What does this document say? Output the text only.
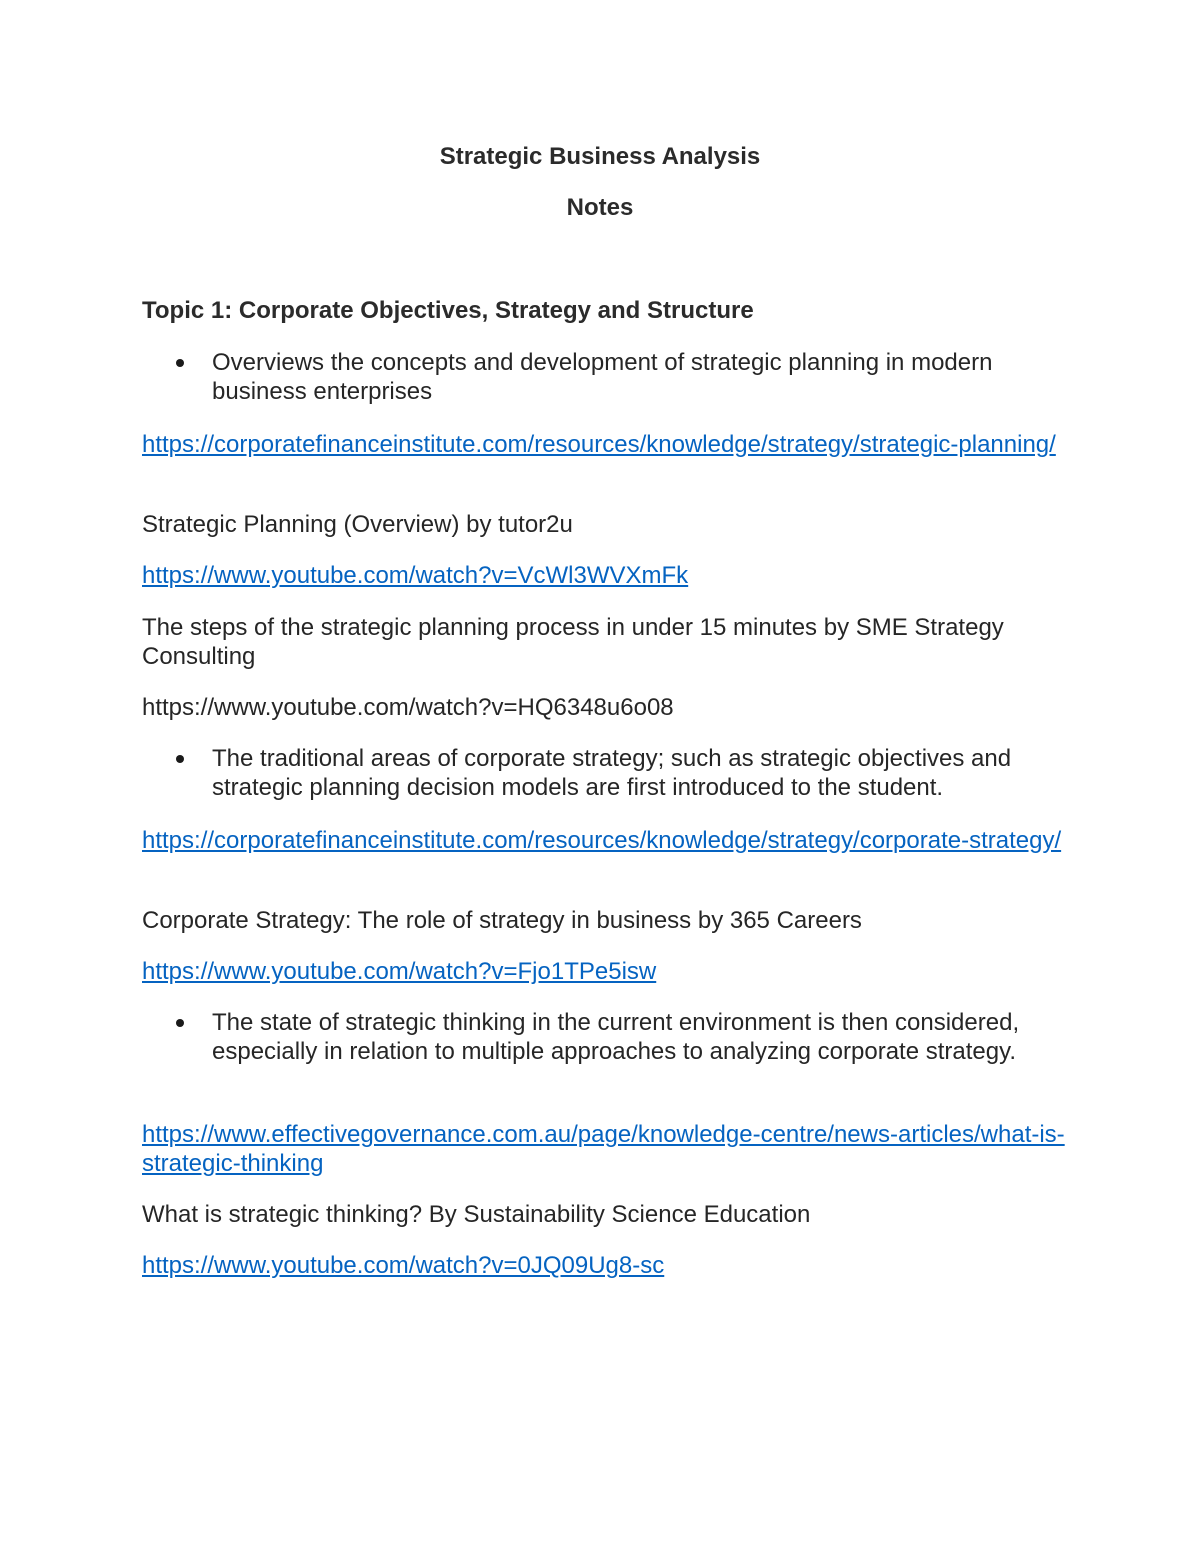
Strategic Business Analysis
Notes
Topic 1: Corporate Objectives, Strategy and Structure
Overviews the concepts and development of strategic planning in modern business enterprises
https://corporatefinanceinstitute.com/resources/knowledge/strategy/strategic-planning/
Strategic Planning (Overview) by tutor2u
https://www.youtube.com/watch?v=VcWl3WVXmFk
The steps of the strategic planning process in under 15 minutes by SME Strategy Consulting
https://www.youtube.com/watch?v=HQ6348u6o08
The traditional areas of corporate strategy; such as strategic objectives and strategic planning decision models are first introduced to the student.
https://corporatefinanceinstitute.com/resources/knowledge/strategy/corporate-strategy/
Corporate Strategy: The role of strategy in business by 365 Careers
https://www.youtube.com/watch?v=Fjo1TPe5isw
The state of strategic thinking in the current environment is then considered, especially in relation to multiple approaches to analyzing corporate strategy.
https://www.effectivegovernance.com.au/page/knowledge-centre/news-articles/what-is-strategic-thinking
What is strategic thinking? By Sustainability Science Education
https://www.youtube.com/watch?v=0JQ09Ug8-sc
